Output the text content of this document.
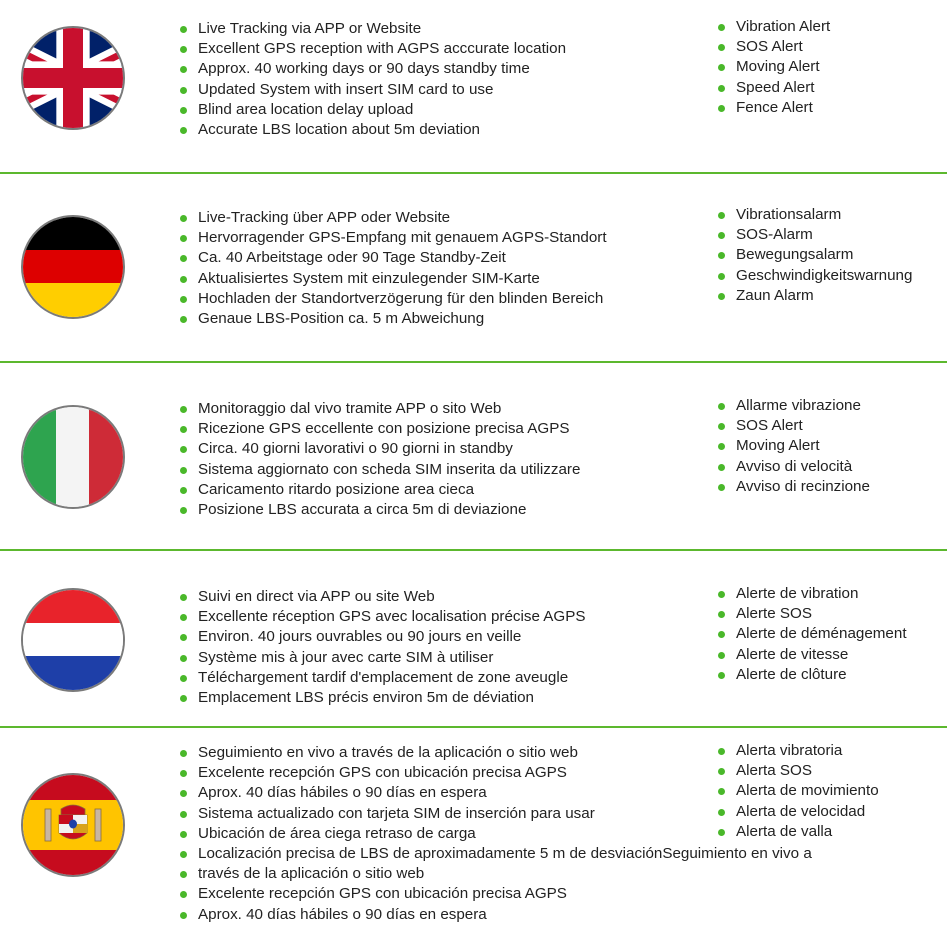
Live Tracking via APP or Website
Excellent GPS reception with AGPS acccurate location
Approx. 40 working days or 90 days standby time
Updated System with insert SIM card to use
Blind area location delay upload
Accurate LBS location about 5m deviation
Vibration Alert
SOS Alert
Moving Alert
Speed Alert
Fence Alert
Live-Tracking über APP oder Website
Hervorragender GPS-Empfang mit genauem AGPS-Standort
Ca. 40 Arbeitstage oder 90 Tage Standby-Zeit
Aktualisiertes System mit einzulegender SIM-Karte
Hochladen der Standortverzögerung für den blinden Bereich
Genaue LBS-Position ca. 5 m Abweichung
Vibrationsalarm
SOS-Alarm
Bewegungsalarm
Geschwindigkeitswarnung
Zaun Alarm
Monitoraggio dal vivo tramite APP o sito Web
Ricezione GPS eccellente con posizione precisa AGPS
Circa. 40 giorni lavorativi o 90 giorni in standby
Sistema aggiornato con scheda SIM inserita da utilizzare
Caricamento ritardo posizione area cieca
Posizione LBS accurata a circa 5m di deviazione
Allarme vibrazione
SOS Alert
Moving Alert
Avviso di velocità
Avviso di recinzione
Suivi en direct via APP ou site Web
Excellente réception GPS avec localisation précise AGPS
Environ. 40 jours ouvrables ou 90 jours en veille
Système mis à jour avec carte SIM à utiliser
Téléchargement tardif d'emplacement de zone aveugle
Emplacement LBS précis environ 5m de déviation
Alerte de vibration
Alerte SOS
Alerte de déménagement
Alerte de vitesse
Alerte de clôture
Seguimiento en vivo a través de la aplicación o sitio web
Excelente recepción GPS con ubicación precisa AGPS
Aprox. 40 días hábiles o 90 días en espera
Sistema actualizado con tarjeta SIM de inserción para usar
Ubicación de área ciega retraso de carga
Localización precisa de LBS de aproximadamente 5 m de desviaciónSeguimiento en vivo a
través de la aplicación o sitio web
Excelente recepción GPS con ubicación precisa AGPS
Aprox. 40 días hábiles o 90 días en espera
Alerta vibratoria
Alerta SOS
Alerta de movimiento
Alerta de velocidad
Alerta de valla
